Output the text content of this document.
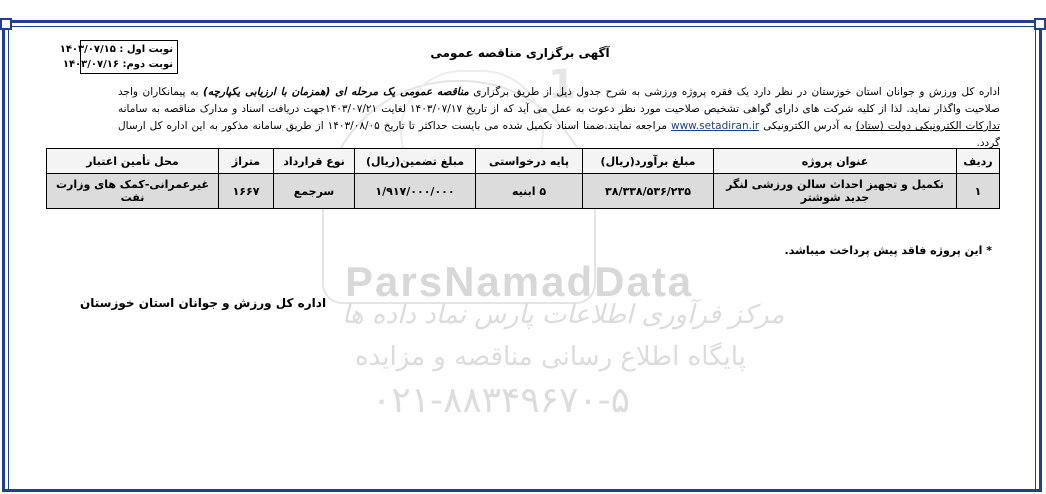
1
ParsNamadData
مرکز فرآوری اطلاعات پارس نماد داده ها
پایگاه اطلاع رسانی مناقصه و مزایده
۰۲۱-۸۸۳۴۹۶۷۰-۵
نوبت اول : ۱۴۰۳/۰۷/۱۵
نوبت دوم: ۱۴۰۳/۰۷/۱۶
آگهی برگزاری مناقصه عمومی
اداره کل ورزش و جوانان استان خوزستان در نظر دارد یک فقره پروژه ورزشی به شرح جدول ذیل از طریق برگزاری مناقصه عمومی یک مرحله ای (همزمان با ارزیابی یکپارچه) به پیمانکاران واجد صلاحیت واگذار نماید. لذا از کلیه شرکت های دارای گواهی تشخیص صلاحیت مورد نظر دعوت به عمل می آید که از تاریخ ۱۴۰۳/۰۷/۱۷ لغایت ۱۴۰۳/۰۷/۲۱جهت دریافت اسناد و مدارک مناقصه به سامانه تدارکات الکترونیکی دولت (ستاد) به آدرس الکترونیکی www.setadiran.ir مراجعه نمایند.ضمنا اسناد تکمیل شده می بایست حداکثر تا تاریخ ۱۴۰۳/۰۸/۰۵ از طریق سامانه مذکور به این اداره کل ارسال گردد.
ردیف	عنوان پروژه	مبلغ برآورد(ریال)	پایه درخواستی	مبلغ تضمین(ریال)	نوع قرارداد	متراژ	محل تأمین اعتبار
۱	تکمیل و تجهیز احداث سالن ورزشی لنگر جدید شوشتر	۳۸/۳۳۸/۵۳۶/۲۳۵	۵ ابنیه	۱/۹۱۷/۰۰۰/۰۰۰	سرجمع	۱۶۶۷	غیرعمرانی-کمک های وزارت نفت
* این پروژه فاقد پیش پرداخت میباشد.
اداره کل ورزش و جوانان استان خوزستان
